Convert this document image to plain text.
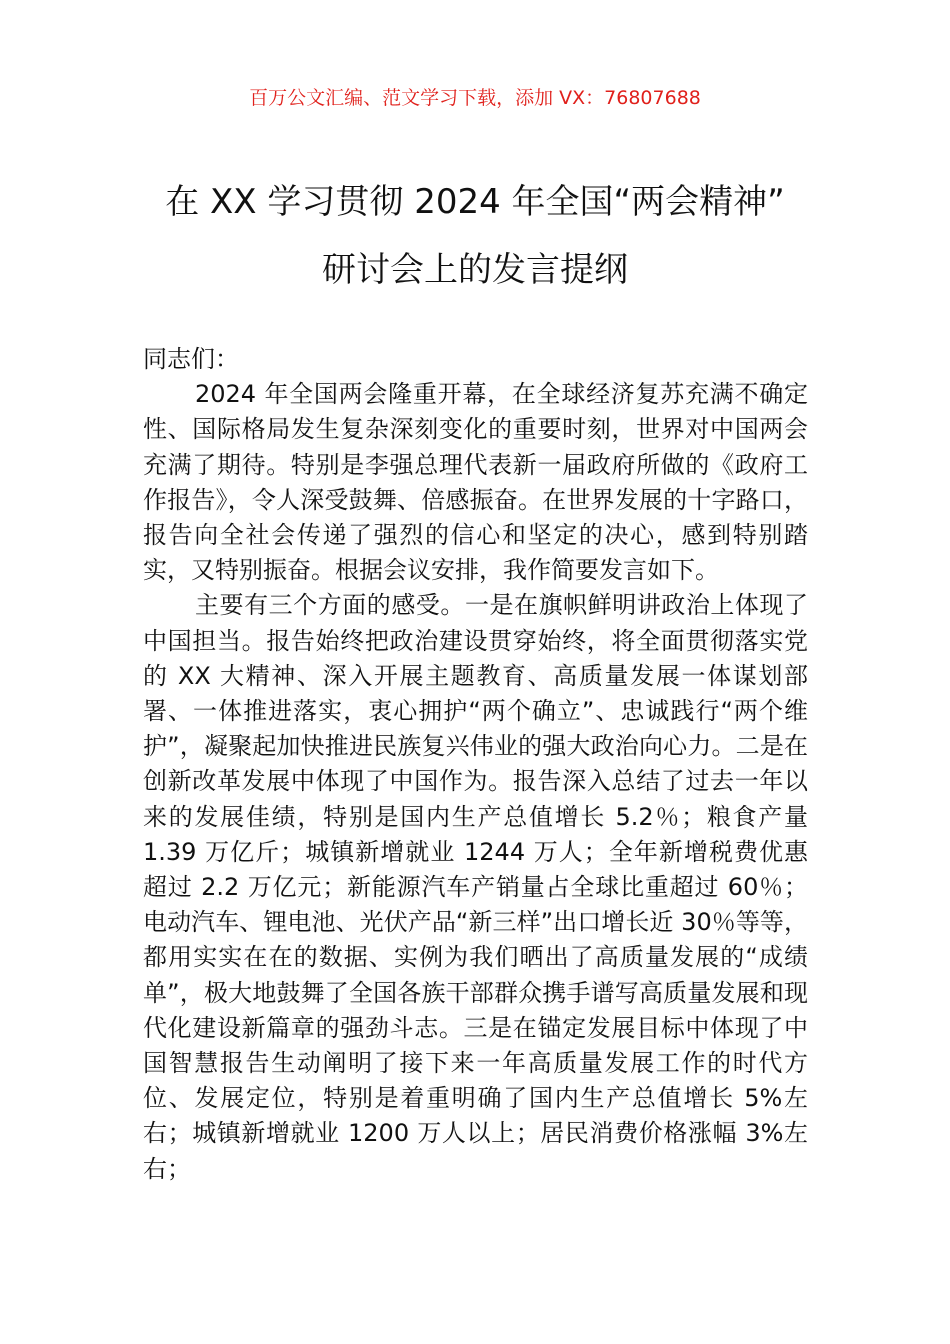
百万公文汇编、范文学习下载，添加 VX：76807688
在 XX 学习贯彻 2024 年全国“两会精神”
研讨会上的发言提纲

同志们：

2024 年全国两会隆重开幕，在全球经济复苏充满不确定性、国际格局发生复杂深刻变化的重要时刻，世界对中国两会充满了期待。特别是李强总理代表新一届政府所做的《政府工作报告》，令人深受鼓舞、倍感振奋。在世界发展的十字路口，报告向全社会传递了强烈的信心和坚定的决心，感到特别踏实，又特别振奋。根据会议安排，我作简要发言如下。

主要有三个方面的感受。一是在旗帜鲜明讲政治上体现了中国担当。报告始终把政治建设贯穿始终，将全面贯彻落实党的 XX 大精神、深入开展主题教育、高质量发展一体谋划部署、一体推进落实，衷心拥护“两个确立”、忠诚践行“两个维护”，凝聚起加快推进民族复兴伟业的强大政治向心力。二是在创新改革发展中体现了中国作为。报告深入总结了过去一年以来的发展佳绩，特别是国内生产总值增长 5.2％；粮食产量 1.39 万亿斤；城镇新增就业 1244 万人；全年新增税费优惠超过 2.2 万亿元；新能源汽车产销量占全球比重超过 60％；电动汽车、锂电池、光伏产品“新三样”出口增长近 30％等等，都用实实在在的数据、实例为我们晒出了高质量发展的“成绩单”，极大地鼓舞了全国各族干部群众携手谱写高质量发展和现代化建设新篇章的强劲斗志。三是在锚定发展目标中体现了中国智慧报告生动阐明了接下来一年高质量发展工作的时代方位、发展定位，特别是着重明确了国内生产总值增长 5%左右；城镇新增就业 1200 万人以上；居民消费价格涨幅 3%左右；
